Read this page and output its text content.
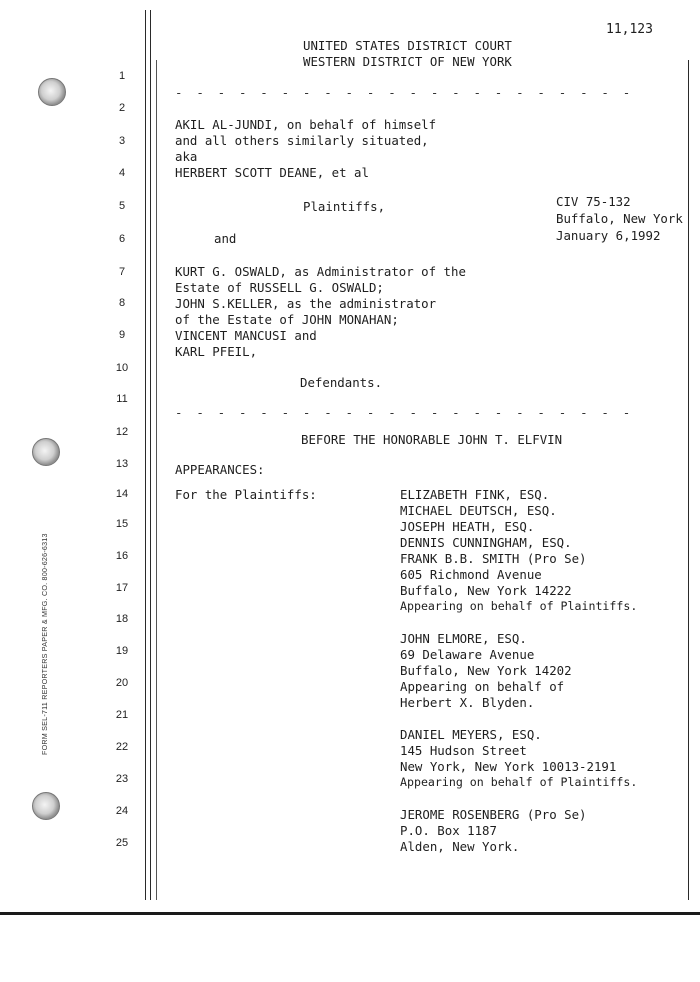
FORM SEL-711 REPORTERS PAPER & MFG. CO. 800-626-6313
11,123
UNITED STATES DISTRICT COURT
WESTERN DISTRICT OF NEW YORK
1
2
3
4
5
6
7
8
9
10
11
12
13
14
15
16
17
18
19
20
21
22
23
24
25
- - - - - - - - - - - - - - - - - - - - - -
- - - - - - - - - - - - - - - - - - - - - -
AKIL AL-JUNDI, on behalf of himself
and all others similarly situated,
aka
HERBERT SCOTT DEANE, et al
Plaintiffs,	CIV 75-132
Buffalo, New York
January 6,1992
and
KURT G. OSWALD, as Administrator of the
Estate of RUSSELL G. OSWALD;
JOHN S.KELLER, as the administrator
of the Estate of JOHN MONAHAN;
VINCENT MANCUSI and
KARL PFEIL,
Defendants.
BEFORE THE HONORABLE JOHN T. ELFVIN
APPEARANCES:
For the Plaintiffs:	ELIZABETH FINK, ESQ.
MICHAEL DEUTSCH, ESQ.
JOSEPH HEATH, ESQ.
DENNIS CUNNINGHAM, ESQ.
FRANK B.B. SMITH (Pro Se)
605 Richmond Avenue
Buffalo, New York 14222
Appearing on behalf of Plaintiffs.
JOHN ELMORE, ESQ.
69 Delaware Avenue
Buffalo, New York 14202
Appearing on behalf of
Herbert X. Blyden.
DANIEL MEYERS, ESQ.
145 Hudson Street
New York, New York 10013-2191
Appearing on behalf of Plaintiffs.
JEROME ROSENBERG (Pro Se)
P.O. Box 1187
Alden, New York.
